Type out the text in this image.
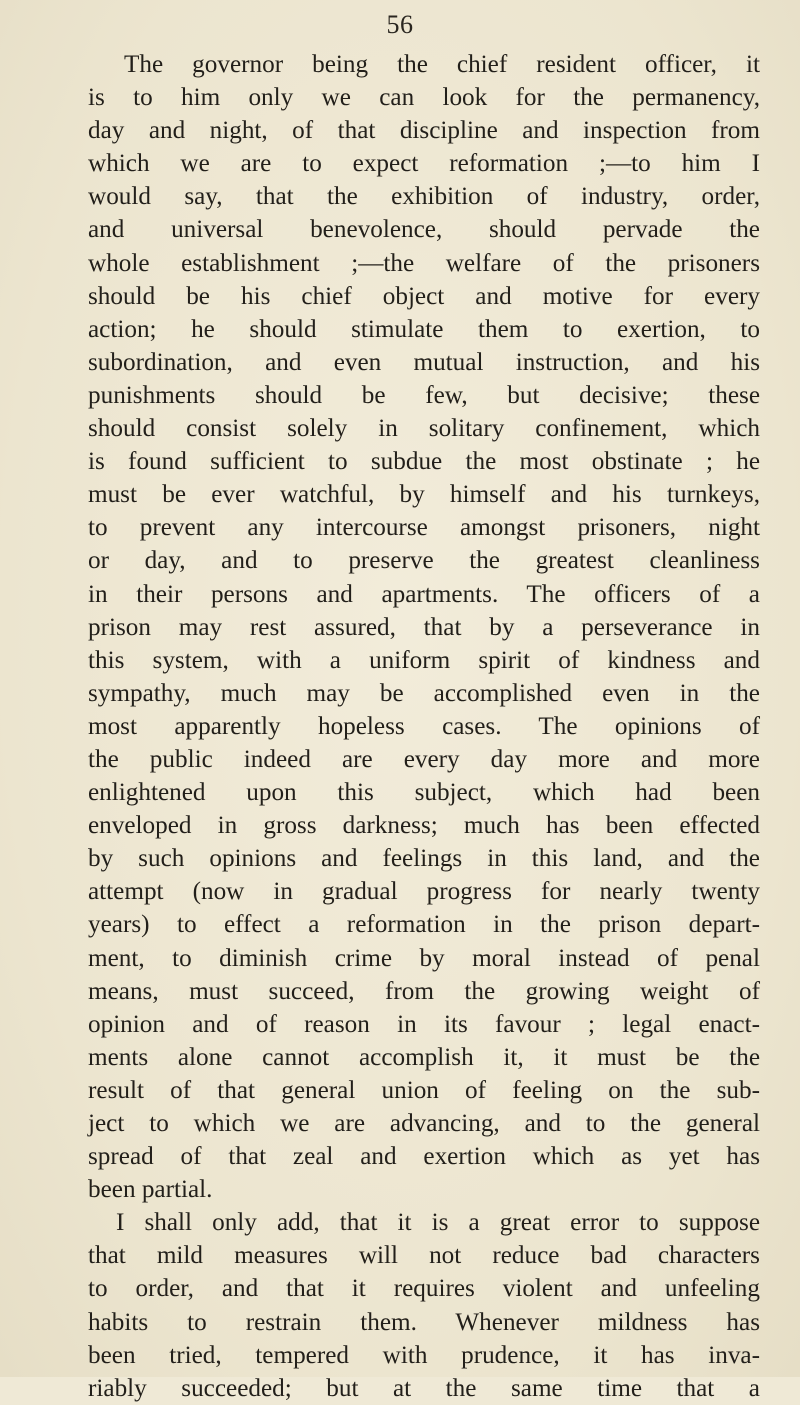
56
The governor being the chief resident officer, it
is to him only we can look for the permanency,
day and night, of that discipline and inspection from
which we are to expect reformation ;—to him I
would say, that the exhibition of industry, order,
and universal benevolence, should pervade the
whole establishment ;—the welfare of the prisoners
should be his chief object and motive for every
action; he should stimulate them to exertion, to
subordination, and even mutual instruction, and his
punishments should be few, but decisive; these
should consist solely in solitary confinement, which
is found sufficient to subdue the most obstinate ; he
must be ever watchful, by himself and his turnkeys,
to prevent any intercourse amongst prisoners, night
or day, and to preserve the greatest cleanliness
in their persons and apartments. The officers of a
prison may rest assured, that by a perseverance in
this system, with a uniform spirit of kindness and
sympathy, much may be accomplished even in the
most apparently hopeless cases. The opinions of
the public indeed are every day more and more
enlightened upon this subject, which had been
enveloped in gross darkness; much has been effected
by such opinions and feelings in this land, and the
attempt (now in gradual progress for nearly twenty
years) to effect a reformation in the prison depart-
ment, to diminish crime by moral instead of penal
means, must succeed, from the growing weight of
opinion and of reason in its favour ; legal enact-
ments alone cannot accomplish it, it must be the
result of that general union of feeling on the sub-
ject to which we are advancing, and to the general
spread of that zeal and exertion which as yet has
been partial.
I shall only add, that it is a great error to suppose
that mild measures will not reduce bad characters
to order, and that it requires violent and unfeeling
habits to restrain them. Whenever mildness has
been tried, tempered with prudence, it has inva-
riably succeeded; but at the same time that a
